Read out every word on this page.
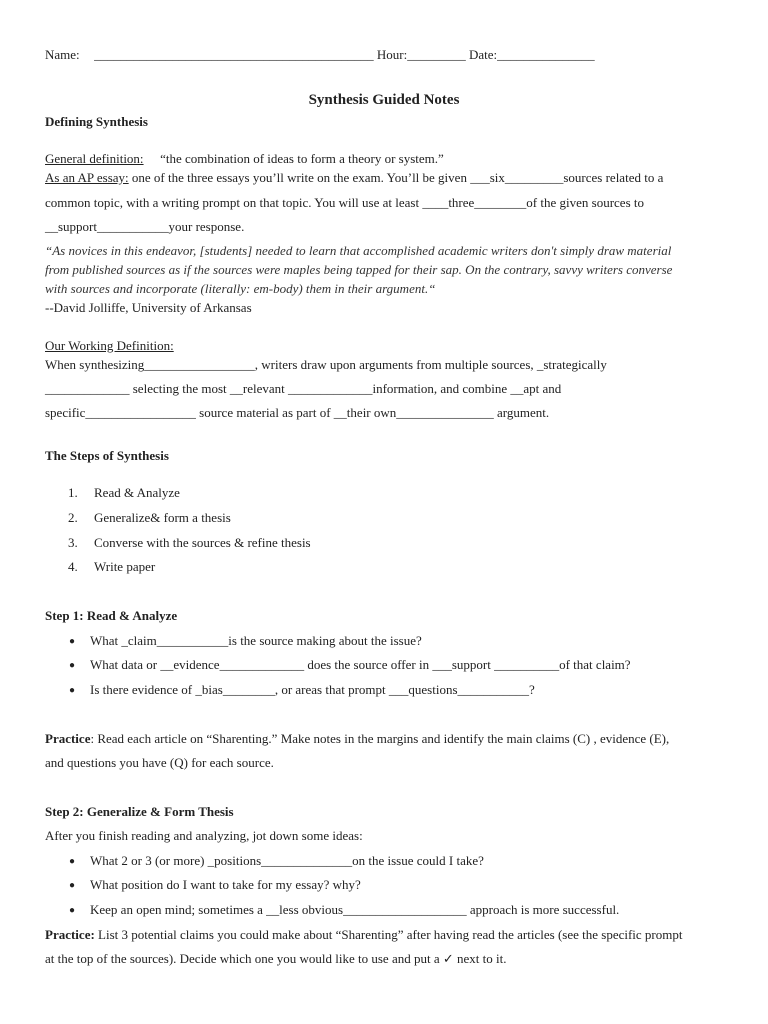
Name: ___________________________________________ Hour:_________ Date:_______________
Synthesis Guided Notes
Defining Synthesis
General definition: “the combination of ideas to form a theory or system.”
As an AP essay: one of the three essays you’ll write on the exam. You’ll be given ___six_________sources related to a
common topic, with a writing prompt on that topic. You will use at least ____three________of the given sources to
__support___________your response.
“As novices in this endeavor, [students] needed to learn that accomplished academic writers don't simply draw material
from published sources as if the sources were maples being tapped for their sap. On the contrary, savvy writers converse
with sources and incorporate (literally: em-body) them in their argument.“
--David Jolliffe, University of Arkansas
Our Working Definition:
When synthesizing_________________, writers draw upon arguments from multiple sources, _strategically
_____________ selecting the most __relevant _____________information, and combine __apt and
specific_________________ source material as part of __their own_______________ argument.
The Steps of Synthesis
1. Read & Analyze
2. Generalize& form a thesis
3. Converse with the sources & refine thesis
4. Write paper
Step 1: Read & Analyze
● What _claim___________is the source making about the issue?
● What data or __evidence_____________ does the source offer in ___support __________of that claim?
● Is there evidence of _bias________, or areas that prompt ___questions___________?
Practice: Read each article on “Sharenting.” Make notes in the margins and identify the main claims (C) , evidence (E),
and questions you have (Q) for each source.
Step 2: Generalize & Form Thesis
After you finish reading and analyzing, jot down some ideas:
● What 2 or 3 (or more) _positions______________on the issue could I take?
● What position do I want to take for my essay? why?
● Keep an open mind; sometimes a __less obvious___________________ approach is more successful.
Practice: List 3 potential claims you could make about “Sharenting” after having read the articles (see the specific prompt
at the top of the sources). Decide which one you would like to use and put a ✓ next to it.
